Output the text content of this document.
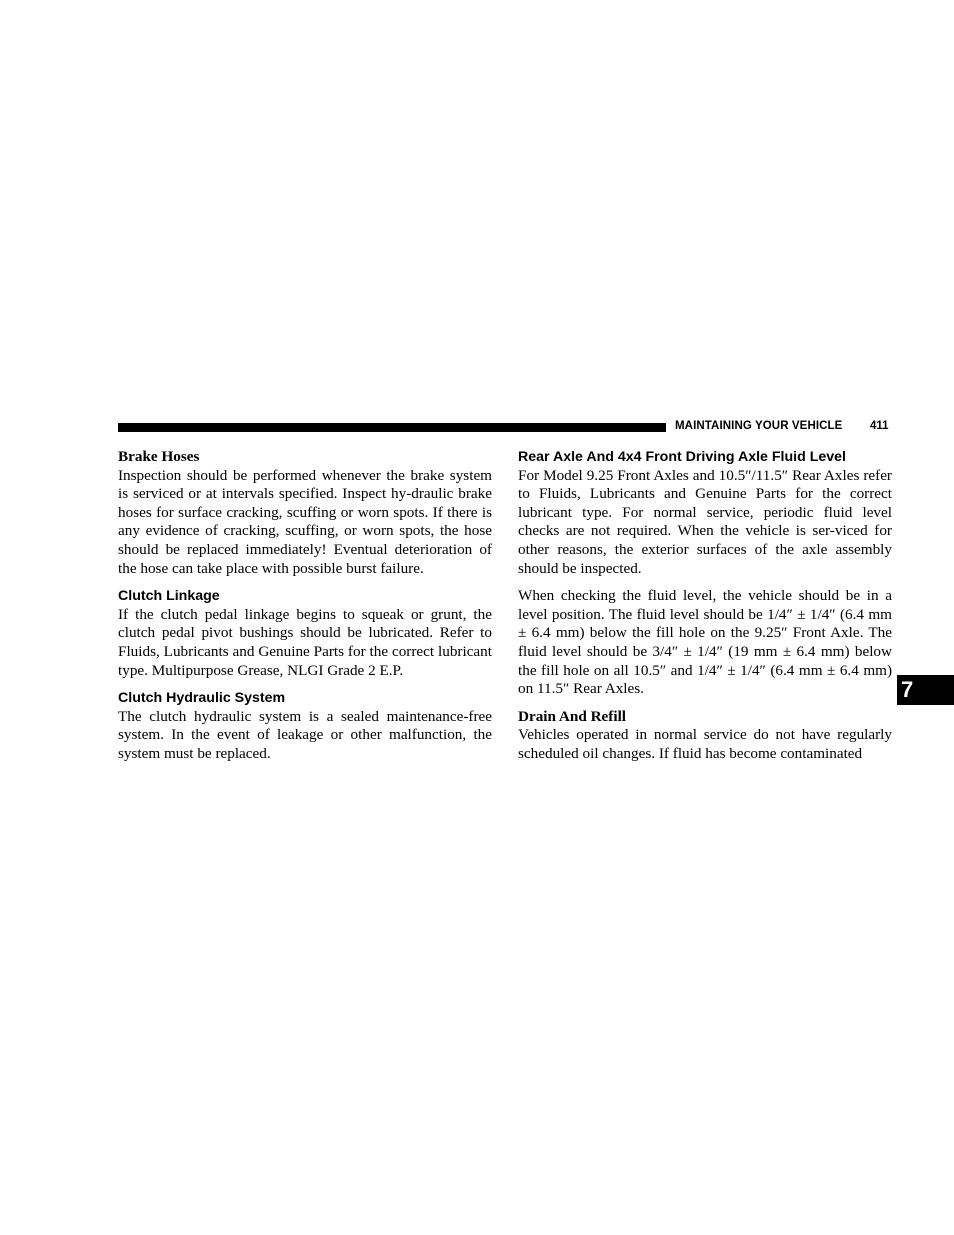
MAINTAINING YOUR VEHICLE 411
7
Brake Hoses

Inspection should be performed whenever the brake system is serviced or at intervals specified. Inspect hy-draulic brake hoses for surface cracking, scuffing or worn spots. If there is any evidence of cracking, scuffing, or worn spots, the hose should be replaced immediately! Eventual deterioration of the hose can take place with possible burst failure.

Clutch Linkage

If the clutch pedal linkage begins to squeak or grunt, the clutch pedal pivot bushings should be lubricated. Refer to Fluids, Lubricants and Genuine Parts for the correct lubricant type. Multipurpose Grease, NLGI Grade 2 E.P.

Clutch Hydraulic System

The clutch hydraulic system is a sealed maintenance-free system. In the event of leakage or other malfunction, the system must be replaced.

Rear Axle And 4x4 Front Driving Axle Fluid Level

For Model 9.25 Front Axles and 10.5″/11.5″ Rear Axles refer to Fluids, Lubricants and Genuine Parts for the correct lubricant type. For normal service, periodic fluid level checks are not required. When the vehicle is ser-viced for other reasons, the exterior surfaces of the axle assembly should be inspected.

When checking the fluid level, the vehicle should be in a level position. The fluid level should be 1/4″ ± 1/4″ (6.4 mm ± 6.4 mm) below the fill hole on the 9.25″ Front Axle. The fluid level should be 3/4″ ± 1/4″ (19 mm ± 6.4 mm) below the fill hole on all 10.5″ and 1/4″ ± 1/4″ (6.4 mm ± 6.4 mm) on 11.5″ Rear Axles.

Drain And Refill

Vehicles operated in normal service do not have regularly scheduled oil changes. If fluid has become contaminated
